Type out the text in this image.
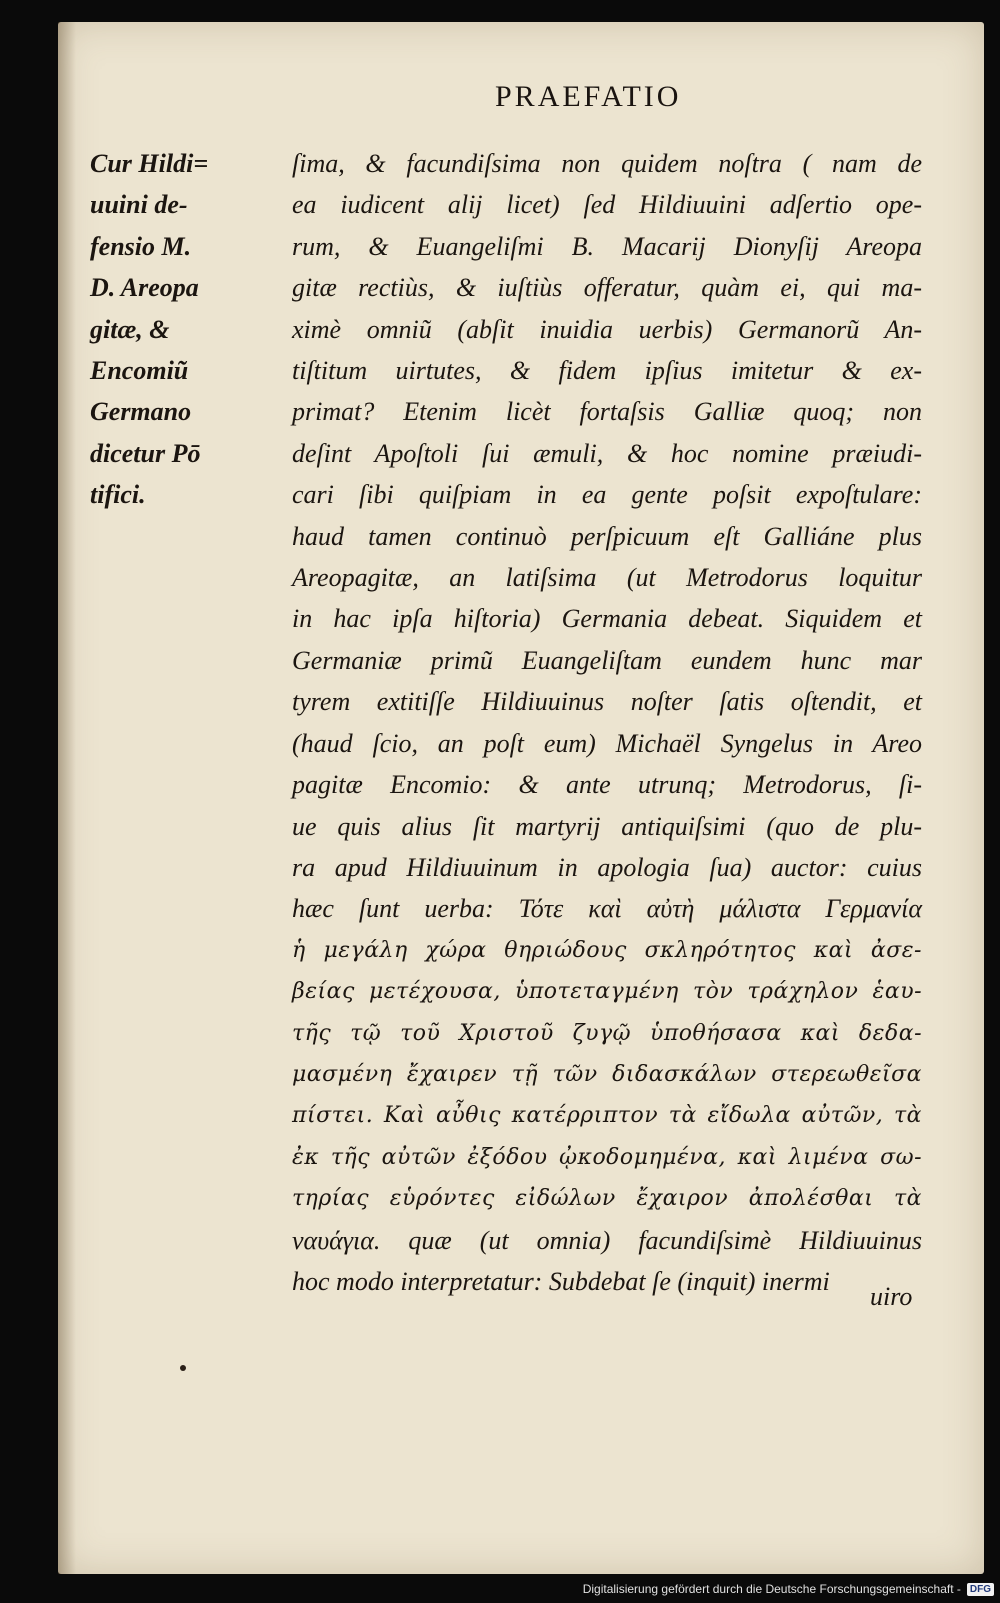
PRAEFATIO
Cur Hildi=
uuini de-
fensio M.
D. Areopa
gitæ, &
Encomiũ
Germano
dicetur Pō
tifici.
ſima, & facundiſsima non quidem noſtra ( nam de
ea iudicent alij licet) ſed Hildiuuini adſertio ope-
rum, & Euangeliſmi B. Macarij Dionyſij Areopa
gitæ rectiùs, & iuſtiùs offeratur, quàm ei, qui ma-
ximè omniũ (abſit inuidia uerbis) Germanorũ An-
tiſtitum uirtutes, & fidem ipſius imitetur & ex-
primat? Etenim licèt fortaſsis Galliæ quoq; non
deſint Apoſtoli ſui æmuli, & hoc nomine præiudi-
cari ſibi quiſpiam in ea gente poſsit expoſtulare:
haud tamen continuò perſpicuum eſt Galliáne plus
Areopagitæ, an latiſsima (ut Metrodorus loquitur
in hac ipſa hiſtoria) Germania debeat. Siquidem et
Germaniæ primũ Euangeliſtam eundem hunc mar
tyrem extitiſſe Hildiuuinus noſter ſatis oſtendit, et
(haud ſcio, an poſt eum) Michaël Syngelus in Areo
pagitæ Encomio: & ante utrunq; Metrodorus, ſi-
ue quis alius ſit martyrij antiquiſsimi (quo de plu-
ra apud Hildiuuinum in apologia ſua) auctor: cuius
hæc ſunt uerba: Τότε καὶ αὐτὴ μάλιστα Γερμανία
ἡ μεγάλη χώρα θηριώδους σκληρότητος καὶ ἀσε-
βείας μετέχουσα, ὑποτεταγμένη τὸν τράχηλον ἑαυ-
τῆς τῷ τοῦ Χριστοῦ ζυγῷ ὑποθήσασα καὶ δεδα-
μασμένη ἔχαιρεν τῇ τῶν διδασκάλων στερεωθεῖσα
πίστει. Καὶ αὖθις κατέρριπτον τὰ εἴδωλα αὐτῶν, τὰ
ἐκ τῆς αὐτῶν ἐξόδου ᾠκοδομημένα, καὶ λιμένα σω-
τηρίας εὑρόντες εἰδώλων ἔχαιρον ἀπολέσθαι τὰ
ναυάγια. quæ (ut omnia) facundiſsimè Hildiuuinus
hoc modo interpretatur: Subdebat ſe (inquit) inermi
uiro
Digitalisierung gefördert durch die Deutsche Forschungsgemeinschaft - DFG
